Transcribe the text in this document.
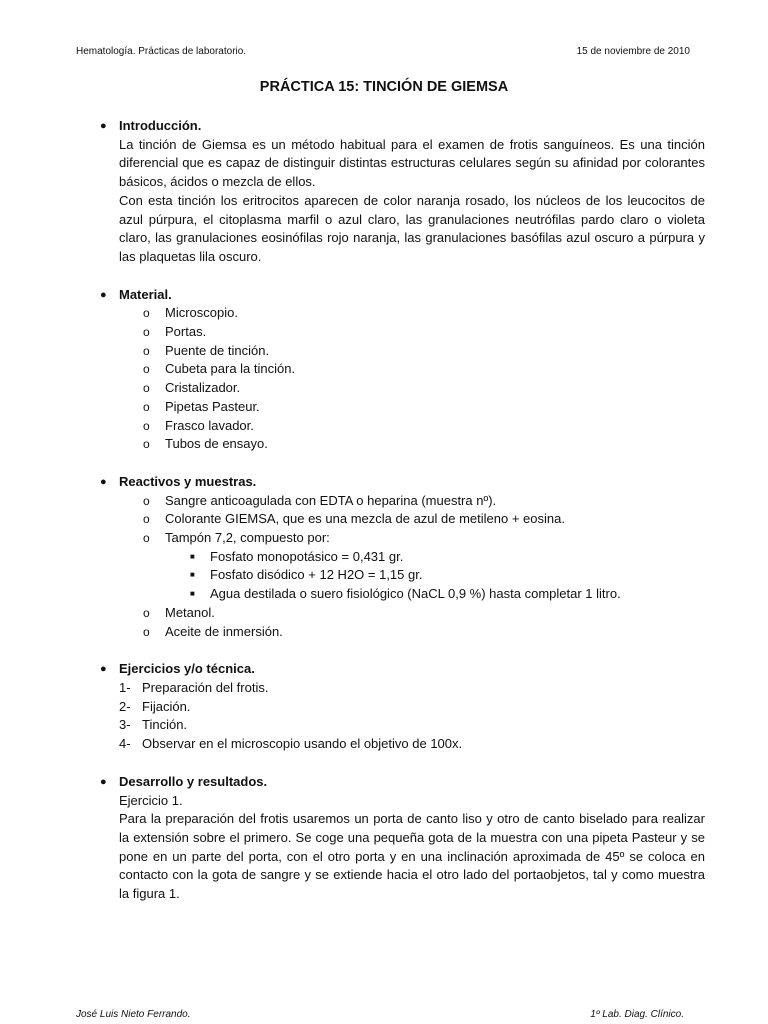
Hematología. Prácticas de laboratorio.	15 de noviembre de 2010
PRÁCTICA 15: TINCIÓN DE GIEMSA
● Introducción.

La tinción de Giemsa es un método habitual para el examen de frotis sanguíneos. Es una tinción diferencial que es capaz de distinguir distintas estructuras celulares según su afinidad por colorantes básicos, ácidos o mezcla de ellos.

Con esta tinción los eritrocitos aparecen de color naranja rosado, los núcleos de los leucocitos de azul púrpura, el citoplasma marfil o azul claro, las granulaciones neutrófilas pardo claro o violeta claro, las granulaciones eosinófilas rojo naranja, las granulaciones basófilas azul oscuro a púrpura y las plaquetas lila oscuro.

● Material.
o Microscopio.
o Portas.
o Puente de tinción.
o Cubeta para la tinción.
o Cristalizador.
o Pipetas Pasteur.
o Frasco lavador.
o Tubos de ensayo.
● Reactivos y muestras.
o Sangre anticoagulada con EDTA o heparina (muestra nº).
o Colorante GIEMSA, que es una mezcla de azul de metileno + eosina.
o Tampón 7,2, compuesto por:
■ Fosfato monopotásico = 0,431 gr.
■ Fosfato disódico + 12 H2O = 1,15 gr.
■ Agua destilada o suero fisiológico (NaCL 0,9 %) hasta completar 1 litro.
o Metanol.
o Aceite de inmersión.
● Ejercicios y/o técnica.
1- Preparación del frotis.
2- Fijación.
3- Tinción.
4- Observar en el microscopio usando el objetivo de 100x.
● Desarrollo y resultados.
Ejercicio 1.

Para la preparación del frotis usaremos un porta de canto liso y otro de canto biselado para realizar la extensión sobre el primero. Se coge una pequeña gota de la muestra con una pipeta Pasteur y se pone en un parte del porta, con el otro porta y en una inclinación aproximada de 45º se coloca en contacto con la gota de sangre y se extiende hacia el otro lado del portaobjetos, tal y como muestra la figura 1.

José Luis Nieto Ferrando.	1º Lab. Diag. Clínico.
